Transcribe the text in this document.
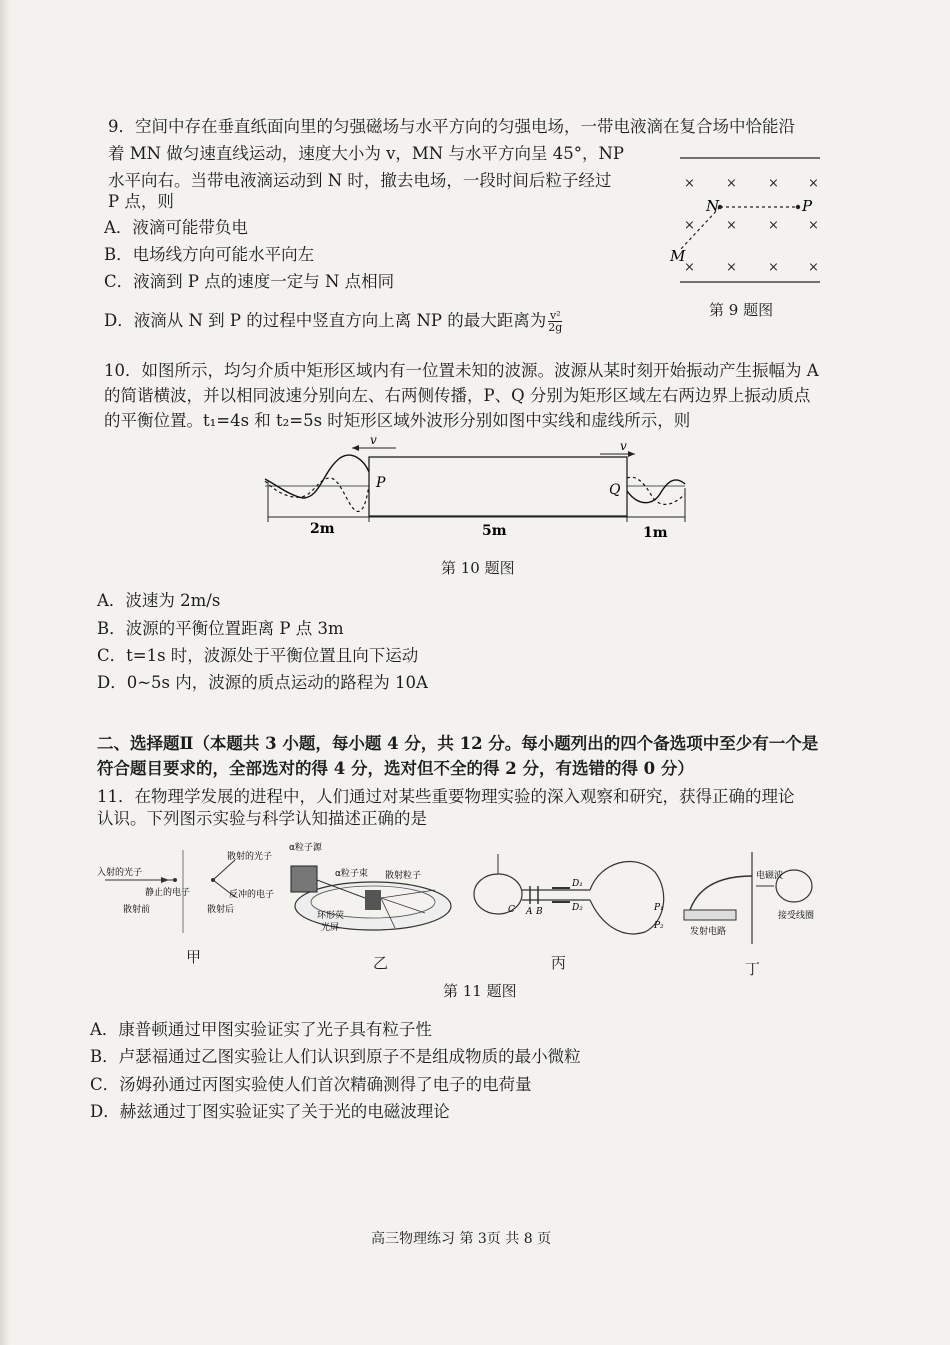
9．空间中存在垂直纸面向里的匀强磁场与水平方向的匀强电场，一带电液滴在复合场中恰能沿
着 MN 做匀速直线运动，速度大小为 v，MN 与水平方向呈 45°，NP
水平向右。当带电液滴运动到 N 时，撤去电场，一段时间后粒子经过
P 点，则
A．液滴可能带负电
B．电场线方向可能水平向左
C．液滴到 P 点的速度一定与 N 点相同
D．液滴从 N 到 P 的过程中竖直方向上离 NP 的最大距离为 $\frac{\text{v²}}{2g}$
× × × ×
× × × ×
× × × ×
N	P
M
第 9 题图
10．如图所示，均匀介质中矩形区域内有一位置未知的波源。波源从某时刻开始振动产生振幅为 A
的简谐横波，并以相同波速分别向左、右两侧传播，P、Q 分别为矩形区域左右两边界上振动质点
的平衡位置。t₁=4s 和 t₂=5s 时矩形区域外波形分别如图中实线和虚线所示，则
v	v
P	Q
2m	5m	1m
第 10 题图
A．波速为 2m/s
B．波源的平衡位置距离 P 点 3m
C．t=1s 时，波源处于平衡位置且向下运动
D．0~5s 内，波源的质点运动的路程为 10A
二、选择题Ⅱ（本题共 3 小题，每小题 4 分，共 12 分。每小题列出的四个备选项中至少有一个是
符合题目要求的，全部选对的得 4 分，选对但不全的得 2 分，有选错的得 0 分）
11．在物理学发展的进程中，人们通过对某些重要物理实验的深入观察和研究，获得正确的理论
认识。下列图示实验与科学认知描述正确的是
入射的光子
静止的电子
散射前
散射的光子
反冲的电子
散射后
甲
α粒子源
α粒子束 散射粒子
环形荧
光屏
乙
C A B
D₁
D₂	P₁
P₂
丙
电磁波
接受线圈
发射电路
丁
第 11 题图
A．康普顿通过甲图实验证实了光子具有粒子性
B．卢瑟福通过乙图实验让人们认识到原子不是组成物质的最小微粒
C．汤姆孙通过丙图实验使人们首次精确测得了电子的电荷量
D．赫兹通过丁图实验证实了关于光的电磁波理论
高三物理练习 第 3页 共 8 页
